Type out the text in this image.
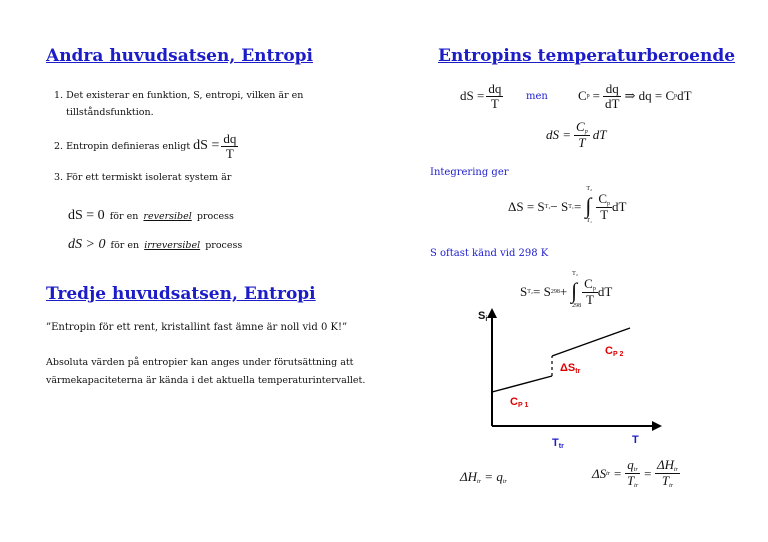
Andra huvudsatsen, Entropi
1. Det existerar en funktion, S, entropi, vilken är en
tillståndsfunktion.
2.
Entropin definieras enligt
dS = $\frac{dq}{T}$
3. För ett termiskt isolerat system är
dS = 0 för en reversibel process
dS > 0 för en irreversibel process
Tredje huvudsatsen, Entropi
”Entropin för ett rent, kristallint fast ämne är noll vid 0 K!”
Absoluta värden på entropier kan anges under förutsättning att
värmekapaciteterna är kända i det aktuella temperaturintervallet.
Entropins temperaturberoende
dS = $\frac{dq}{T}$ men C $p = \frac{dq}{dT}$ ⇒ dq = C p dT
dS = $\frac{C_p}{T}$ dT
Integrering ger
ΔS = S T₂ − S T₁ = ∫
T₂
$T_1 \frac{C_p}{T}$ dT
S oftast känd vid 298 K
S T₂ = S 298 + ∫
T₂
$298 \frac{C_p}{T}$ dT
Si
T
Ttr
CP 1
CP 2
ΔStr
$\Delta H_{tr} = q_{tr}$
ΔS tr = $\frac{q_{tr}}{T_{tr}} = \frac{\Delta H_{tr}}{T_{tr}}$
